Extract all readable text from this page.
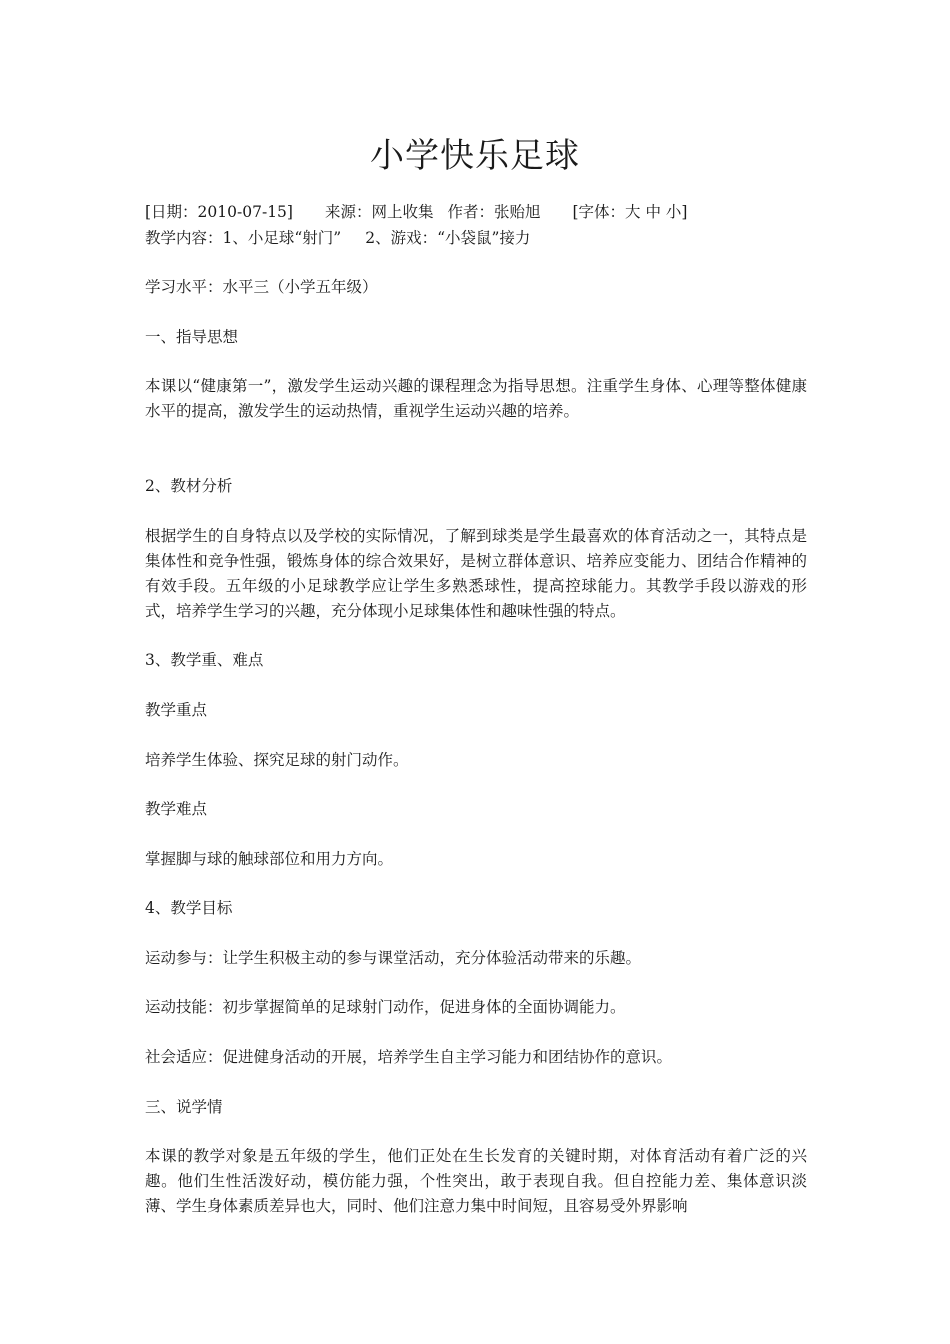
小学快乐足球
[日期：2010-07-15] 来源：网上收集 作者：张贻旭 [字体：大 中 小]
教学内容：1、小足球“射门” 2、游戏：“小袋鼠”接力
学习水平：水平三（小学五年级）
一、指导思想
本课以“健康第一”，激发学生运动兴趣的课程理念为指导思想。注重学生身体、心理等整体健康水平的提高，激发学生的运动热情，重视学生运动兴趣的培养。
2、教材分析
根据学生的自身特点以及学校的实际情况，了解到球类是学生最喜欢的体育活动之一，其特点是集体性和竞争性强，锻炼身体的综合效果好，是树立群体意识、培养应变能力、团结合作精神的有效手段。五年级的小足球教学应让学生多熟悉球性，提高控球能力。其教学手段以游戏的形式，培养学生学习的兴趣，充分体现小足球集体性和趣味性强的特点。
3、教学重、难点
教学重点
培养学生体验、探究足球的射门动作。
教学难点
掌握脚与球的触球部位和用力方向。
4、教学目标
运动参与：让学生积极主动的参与课堂活动，充分体验活动带来的乐趣。
运动技能：初步掌握简单的足球射门动作，促进身体的全面协调能力。
社会适应：促进健身活动的开展，培养学生自主学习能力和团结协作的意识。
三、说学情
本课的教学对象是五年级的学生，他们正处在生长发育的关键时期，对体育活动有着广泛的兴趣。他们生性活泼好动，模仿能力强，个性突出，敢于表现自我。但自控能力差、集体意识淡薄、学生身体素质差异也大，同时、他们注意力集中时间短，且容易受外界影响
